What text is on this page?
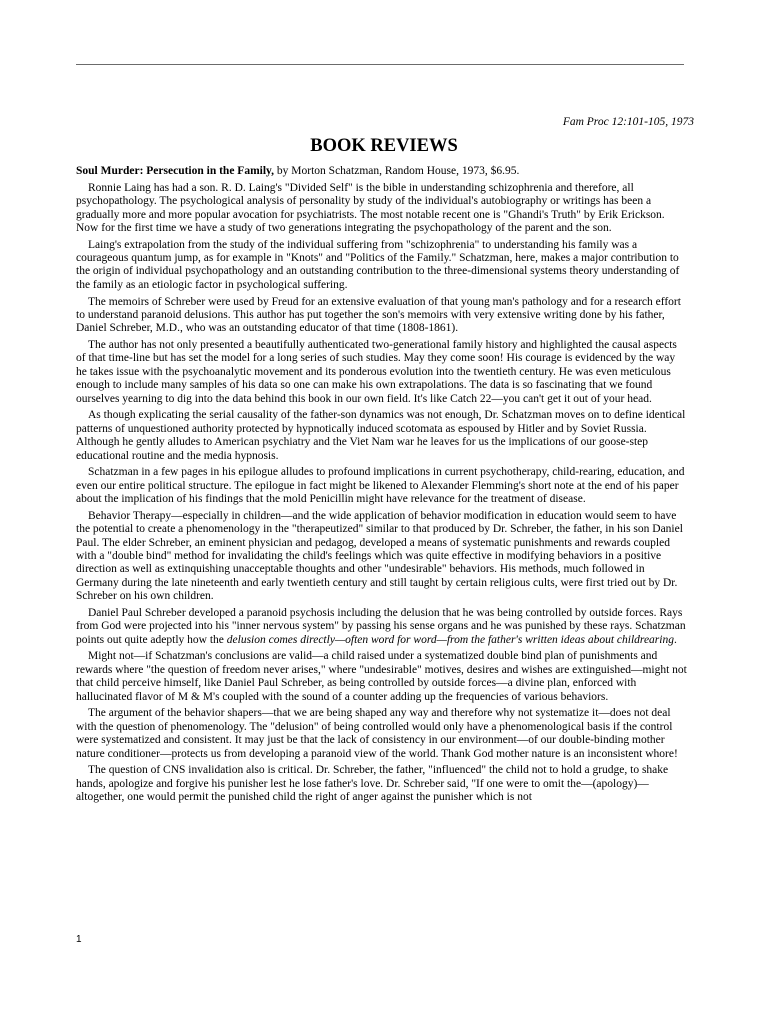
Fam Proc 12:101-105, 1973
BOOK REVIEWS

Soul Murder: Persecution in the Family, by Morton Schatzman, Random House, 1973, $6.95.

Ronnie Laing has had a son. R. D. Laing's "Divided Self" is the bible in understanding schizophrenia and therefore, all psychopathology. The psychological analysis of personality by study of the individual's autobiography or writings has been a gradually more and more popular avocation for psychiatrists. The most notable recent one is "Ghandi's Truth" by Erik Erickson. Now for the first time we have a study of two generations integrating the psychopathology of the parent and the son.

Laing's extrapolation from the study of the individual suffering from "schizophrenia" to understanding his family was a courageous quantum jump, as for example in "Knots" and "Politics of the Family." Schatzman, here, makes a major contribution to the origin of individual psychopathology and an outstanding contribution to the three-dimensional systems theory understanding of the family as an etiologic factor in psychological suffering.

The memoirs of Schreber were used by Freud for an extensive evaluation of that young man's pathology and for a research effort to understand paranoid delusions. This author has put together the son's memoirs with very extensive writing done by his father, Daniel Schreber, M.D., who was an outstanding educator of that time (1808-1861).

The author has not only presented a beautifully authenticated two-generational family history and highlighted the causal aspects of that time-line but has set the model for a long series of such studies. May they come soon! His courage is evidenced by the way he takes issue with the psychoanalytic movement and its ponderous evolution into the twentieth century. He was even meticulous enough to include many samples of his data so one can make his own extrapolations. The data is so fascinating that we found ourselves yearning to dig into the data behind this book in our own field. It's like Catch 22—you can't get it out of your head.

As though explicating the serial causality of the father-son dynamics was not enough, Dr. Schatzman moves on to define identical patterns of unquestioned authority protected by hypnotically induced scotomata as espoused by Hitler and by Soviet Russia. Although he gently alludes to American psychiatry and the Viet Nam war he leaves for us the implications of our goose-step educational routine and the media hypnosis.

Schatzman in a few pages in his epilogue alludes to profound implications in current psychotherapy, child-rearing, education, and even our entire political structure. The epilogue in fact might be likened to Alexander Flemming's short note at the end of his paper about the implication of his findings that the mold Penicillin might have relevance for the treatment of disease.

Behavior Therapy—especially in children—and the wide application of behavior modification in education would seem to have the potential to create a phenomenology in the "therapeutized" similar to that produced by Dr. Schreber, the father, in his son Daniel Paul. The elder Schreber, an eminent physician and pedagog, developed a means of systematic punishments and rewards coupled with a "double bind" method for invalidating the child's feelings which was quite effective in modifying behaviors in a positive direction as well as extinquishing unacceptable thoughts and other "undesirable" behaviors. His methods, much followed in Germany during the late nineteenth and early twentieth century and still taught by certain religious cults, were first tried out by Dr. Schreber on his own children.

Daniel Paul Schreber developed a paranoid psychosis including the delusion that he was being controlled by outside forces. Rays from God were projected into his "inner nervous system" by passing his sense organs and he was punished by these rays. Schatzman points out quite adeptly how the delusion comes directly—often word for word—from the father's written ideas about childrearing.

Might not—if Schatzman's conclusions are valid—a child raised under a systematized double bind plan of punishments and rewards where "the question of freedom never arises," where "undesirable" motives, desires and wishes are extinguished—might not that child perceive himself, like Daniel Paul Schreber, as being controlled by outside forces—a divine plan, enforced with hallucinated flavor of M & M's coupled with the sound of a counter adding up the frequencies of various behaviors.

The argument of the behavior shapers—that we are being shaped any way and therefore why not systematize it—does not deal with the question of phenomenology. The "delusion" of being controlled would only have a phenomenological basis if the control were systematized and consistent. It may just be that the lack of consistency in our environment—of our double-binding mother nature conditioner—protects us from developing a paranoid view of the world. Thank God mother nature is an inconsistent whore!

The question of CNS invalidation also is critical. Dr. Schreber, the father, "influenced" the child not to hold a grudge, to shake hands, apologize and forgive his punisher lest he lose father's love. Dr. Schreber said, "If one were to omit the—(apology)—altogether, one would permit the punished child the right of anger against the punisher which is not

1
